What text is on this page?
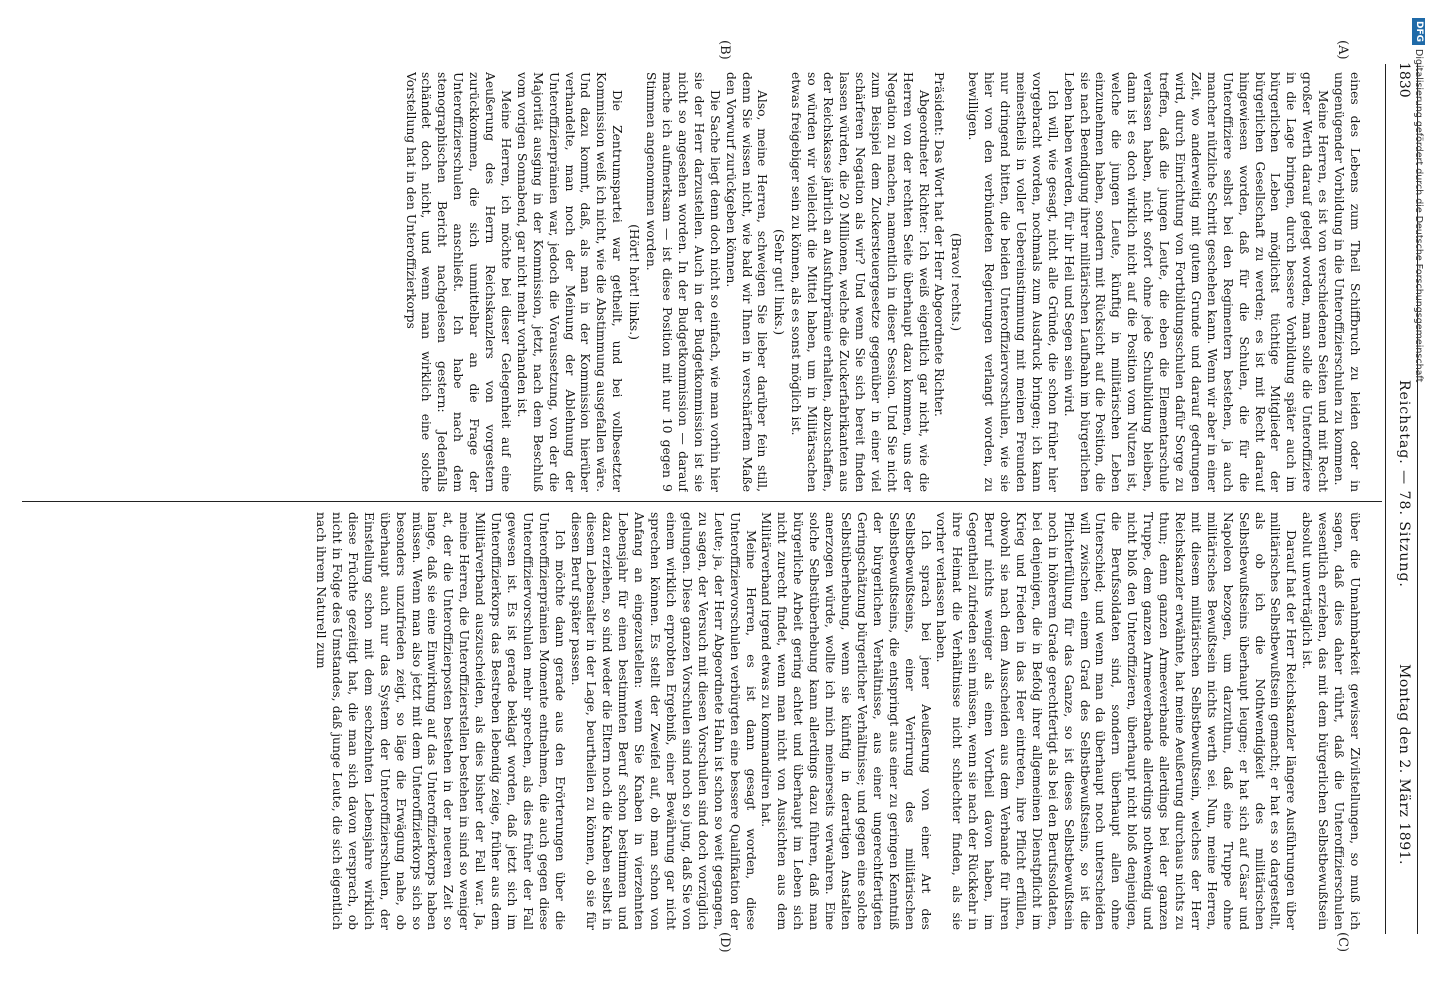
1830
Reichstag. — 78. Sitzung.
Montag den 2. März 1891.
(A)
(B)
(C)
(D)

eines des Lebens zum Theil Schiffbruch zu leiden oder in ungenügender Vorbildung in die Unteroffizierschulen zu kommen.

Meine Herren, es ist von verschiedenen Seiten und mit Recht großer Werth darauf gelegt worden, man solle die Unteroffiziere in die Lage bringen, durch bessere Vorbildung später auch im bürgerlichen Leben möglichst tüchtige Mitglieder der bürgerlichen Gesellschaft zu werden; es ist mit Recht darauf hingewiesen worden, daß für die Schulen, die für die Unteroffiziere selbst bei den Regimentern bestehen, ja auch mancher nützliche Schritt geschehen kann. Wenn wir aber in einer Zeit, wo anderweitig mit gutem Grunde und darauf gedrungen wird, durch Einrichtung von Fortbildungsschulen dafür Sorge zu treffen, daß die jungen Leute, die eben die Elementarschule verlassen haben, nicht sofort ohne jede Schulbildung bleiben, dann ist es doch wirklich nicht auf die Position vom Nutzen ist, welche die jungen Leute, künftig in militärischen Leben einzunehmen haben, sondern mit Rücksicht auf die Position, die sie nach Beendigung ihrer militärischen Laufbahn im bürgerlichen Leben haben werden, für ihr Heil und Segen sein wird.

Ich will, wie gesagt, nicht alle Gründe, die schon früher hier vorgebracht worden, nochmals zum Ausdruck bringen; ich kann meinestheils in voller Uebereinstimmung mit meinen Freunden nur dringend bitten, die beiden Unteroffiziervorschulen, wie sie hier von den verbündeten Regierungen verlangt worden, zu bewilligen.

(Bravo! rechts.)

Präsident: Das Wort hat der Herr Abgeordnete Richter.

Abgeordneter Richter: Ich weiß eigentlich gar nicht, wie die Herren von der rechten Seite überhaupt dazu kommen, uns der Negation zu machen, namentlich in dieser Session. Und Sie nicht zum Beispiel dem Zuckersteuergesetze gegenüber in einer viel schärferen Negation als wir? Und wenn Sie sich bereit finden lassen würden, die 20 Millionen, welche die Zuckerfabrikanten aus der Reichskasse jährlich an Ausfuhrprämie erhalten, abzuschaffen, so würden wir vielleicht die Mittel haben, um in Militärsachen etwas freigebiger sein zu können, als es sonst möglich ist.

(Sehr gut! links.)

Also, meine Herren, schweigen Sie lieber darüber fein still, denn Sie wissen nicht, wie bald wir Ihnen in verschärftem Maße den Vorwurf zurückgeben können.

Die Sache liegt denn doch nicht so einfach, wie man vorhin hier sie der Herr darzustellen. Auch in der Budgetkommission ist sie nicht so angesehen worden. In der Budgetkommission — darauf mache ich aufmerksam — ist diese Position mit nur 10 gegen 9 Stimmen angenommen worden.

(Hört! hört! links.)

Die Zentrumspartei war getheilt, und bei vollbesetzter Kommission weiß ich nicht, wie die Abstimmung ausgefallen wäre. Und dazu kommt, daß, als man in der Kommission hierüber verhandelte, man noch der Meinung der Ablehnung der Unteroffizierprämien war, jedoch die Voraussetzung, von der die Majorität ausging in der Kommission, jetzt, nach dem Beschluß vom vorigen Sonnabend, gar nicht mehr vorhanden ist.

Meine Herren, ich möchte bei dieser Gelegenheit auf eine Aeußerung des Herrn Reichskanzlers von vorgestern zurückkommen, die sich unmittelbar an die Frage der Unteroffizierschulen anschließt. Ich habe nach dem stenographischen Bericht nachgelesen gestern: Jedenfalls schändet doch nicht, und wenn man wirklich eine solche Vorstellung hat in den Unteroffizierkorps

über die Unnahmbarkeit gewisser Zivilstellungen, so muß ich sagen, daß dies daher rührt, daß die Unteroffizierschulen wesentlich erziehen, das mit dem bürgerlichen Selbstbewußtsein absolut unverträglich ist.

Darauf hat der Herr Reichskanzler längere Ausführungen über militärisches Selbstbewußtsein gemacht; er hat es so dargestellt, als ob ich die Nothwendigkeit des militärischen Selbstbewußtseins überhaupt leugne; er hat sich auf Cäsar und Napoleon bezogen, um darzuthun, daß eine Truppe ohne militärisches Bewußtsein nichts werth sei. Nun, meine Herren, mit diesem militärischen Selbstbewußtsein, welches der Herr Reichskanzler erwähnte, hat meine Aeußerung durchaus nichts zu thun; denn ganzen Armeeverbande allerdings bei der ganzen Truppe, dem ganzen Armeeverbande allerdings nothwendig und nicht bloß den Unteroffizieren, überhaupt nicht bloß denjenigen, die Berufssoldaten sind, sondern überhaupt allen ohne Unterschied; und wenn man da überhaupt noch unterscheiden will zwischen einem Grad des Selbstbewußtseins, so ist die Pflichterfüllung für das Ganze, so ist dieses Selbstbewußtsein noch in höherem Grade gerechtfertigt als bei den Berufssoldaten, bei denjenigen, die in Befolg ihrer allgemeinen Dienstpflicht im Krieg und Frieden in das Heer eintreten, ihre Pflicht erfüllen, obwohl sie nach dem Ausscheiden aus dem Verbande für ihren Beruf nichts weniger als einen Vortheil davon haben, im Gegentheil zufrieden sein müssen, wenn sie nach der Rückkehr in ihre Heimat die Verhältnisse nicht schlechter finden, als sie vorher verlassen haben.

Ich sprach bei jener Aeußerung von einer Art des Selbstbewußtseins, einer Verirrung des militärischen Selbstbewußtseins, die entspringt aus einer zu geringen Kenntniß der bürgerlichen Verhältnisse, aus einer ungerechtfertigten Geringschätzung bürgerlicher Verhältnisse; und gegen eine solche Selbstüberhebung, wenn sie künftig in derartigen Anstalten anerzogen würde, wollte ich mich meinerseits verwahren. Eine solche Selbstüberhebung kann allerdings dazu führen, daß man bürgerliche Arbeit gering achtet und überhaupt im Leben sich nicht zurecht findet, wenn man nicht von Aussichten aus dem Militärverband irgend etwas zu kommandiren hat.

Meine Herren, es ist dann gesagt worden, diese Unteroffiziervorschulen verbürgten eine bessere Qualifikation der Leute; ja, der Herr Abgeordnete Hahn ist schon so weit gegangen, zu sagen, der Versuch mit diesen Vorschulen sind doch vorzüglich gelungen. Diese ganzen Vorschulen sind noch so jung, daß Sie von einem wirklich erprobten Ergebniß, einer Bewährung gar nicht sprechen können. Es stellt der Zweifel auf, ob man schon von Anfang an eingezustellen: wenn Sie Knaben in vierzehnten Lebensjahr für einen bestimmten Beruf schon bestimmen und dazu erziehen, so sind weder die Eltern noch die Knaben selbst in diesem Lebensalter in der Lage, beurtheilen zu können, ob sie für diesen Beruf später passen.

Ich möchte dann gerade aus den Erörterungen über die Unteroffizierprämien Momente entnehmen, die auch gegen diese Unteroffiziervorschulen mehr sprechen, als dies früher der Fall gewesen ist. Es ist gerade beklagt worden, daß jetzt sich im Unteroffizierkorps das Bestreben lebendig zeige, früher aus dem Militärverband auszuscheiden, als dies bisher der Fall war. Ja, meine Herren, die Unteroffizierstellen bestehen in sind so weniger at, der die Unteroffizierposten bestehen in der neueren Zeit so lange, daß sie eine Einwirkung auf das Unteroffizierkorps haben müssen. Wenn man also jetzt mit dem Unteroffizierkorps sich so besonders unzufrieden zeigt, so läge die Erwägung nahe, ob überhaupt auch nur das System der Unteroffizierschulen, der Einstellung schon mit dem sechzehnten Lebensjahre wirklich diese Früchte gezeitigt hat, die man sich davon versprach, ob nicht in Folge des Umstandes, daß junge Leute, die sich eigentlich nach ihrem Naturell zum

DFG
Digitalisierung gefördert durch die Deutsche Forschungsgemeinschaft
